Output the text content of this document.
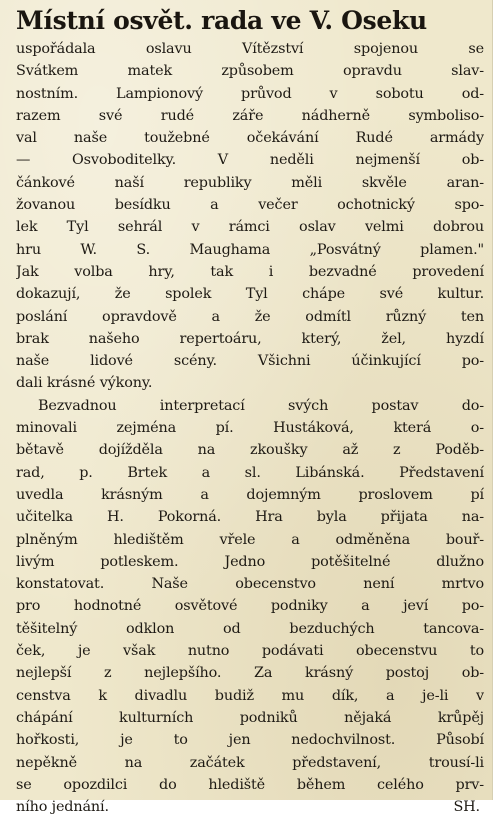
Místní osvět. rada ve V. Oseku
uspořádala oslavu Vítězství spojenou se
Svátkem matek způsobem opravdu slav-
nostním. Lampionový průvod v sobotu od-
razem své rudé záře nádherně symboliso-
val naše toužebné očekávání Rudé armády
— Osvoboditelky. V neděli nejmenší ob-
čánkové naší republiky měli skvěle aran-
žovanou besídku a večer ochotnický spo-
lek Tyl sehrál v rámci oslav velmi dobrou
hru W. S. Maughama „Posvátný plamen."
Jak volba hry, tak i bezvadné provedení
dokazují, že spolek Tyl chápe své kultur.
poslání opravdově a že odmítl různý ten
brak našeho repertoáru, který, žel, hyzdí
naše lidové scény. Všichni účinkující po-
dali krásné výkony.
Bezvadnou interpretací svých postav do-
minovali zejména pí. Hustáková, která o-
bětavě dojížděla na zkoušky až z Poděb-
rad, p. Brtek a sl. Libánská. Představení
uvedla krásným a dojemným proslovem pí
učitelka H. Pokorná. Hra byla přijata na-
plněným hledištěm vřele a odměněna bouř-
livým potleskem. Jedno potěšitelné dlužno
konstatovat. Naše obecenstvo není mrtvo
pro hodnotné osvětové podniky a jeví po-
těšitelný odklon od bezduchých tancova-
ček, je však nutno podávati obecenstvu to
nejlepší z nejlepšího. Za krásný postoj ob-
censtva k divadlu budiž mu dík, a je-li v
chápání kulturních podniků nějaká krůpěj
hořkosti, je to jen nedochvilnost. Působí
nepěkně na začátek představení, trousí-li
se opozdilci do hlediště během celého prv-
ního jednání.	SH.
